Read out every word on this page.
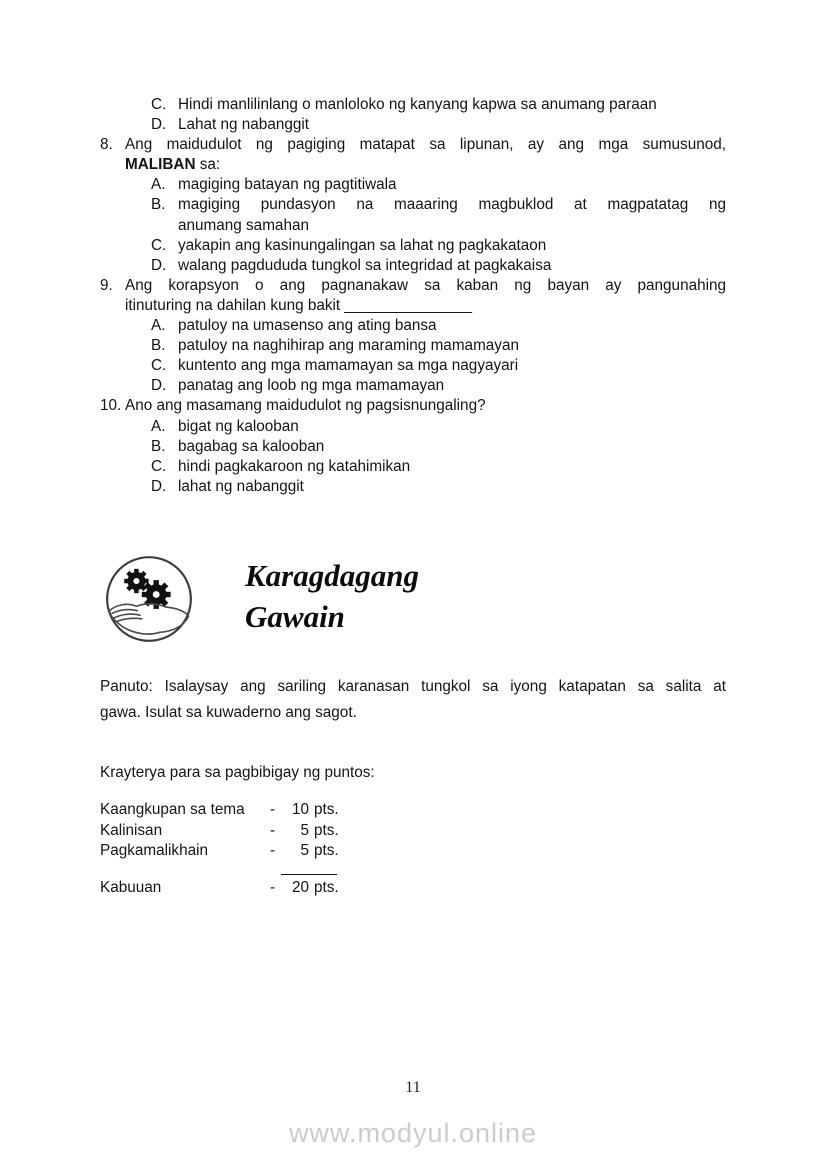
C. Hindi manlilinlang o manloloko ng kanyang kapwa sa anumang paraan
D. Lahat ng nabanggit
8. Ang maidudulot ng pagiging matapat sa lipunan, ay ang mga sumusunod,
MALIBAN sa:
A. magiging batayan ng pagtitiwala
B. magiging pundasyon na maaaring magbuklod at magpatatag ng
anumang samahan
C. yakapin ang kasinungalingan sa lahat ng pagkakataon
D. walang pagdududa tungkol sa integridad at pagkakaisa
9. Ang korapsyon o ang pagnanakaw sa kaban ng bayan ay pangunahing
itinuturing na dahilan kung bakit _______________
A. patuloy na umasenso ang ating bansa
B. patuloy na naghihirap ang maraming mamamayan
C. kuntento ang mga mamamayan sa mga nagyayari
D. panatag ang loob ng mga mamamayan
10. Ano ang masamang maidudulot ng pagsisnungaling?
A. bigat ng kalooban
B. bagabag sa kalooban
C. hindi pagkakaroon ng katahimikan
D. lahat ng nabanggit
Karagdagang
Gawain
Panuto: Isalaysay ang sariling karanasan tungkol sa iyong katapatan sa salita at
gawa. Isulat sa kuwaderno ang sagot.
Krayterya para sa pagbibigay ng puntos:
Kaangkupan sa tema	- 10 pts.
Kalinisan	- 5 pts.
Pagkamalikhain	- 5 pts.
Kabuuan	- 20 pts.
11
www.modyul.online
